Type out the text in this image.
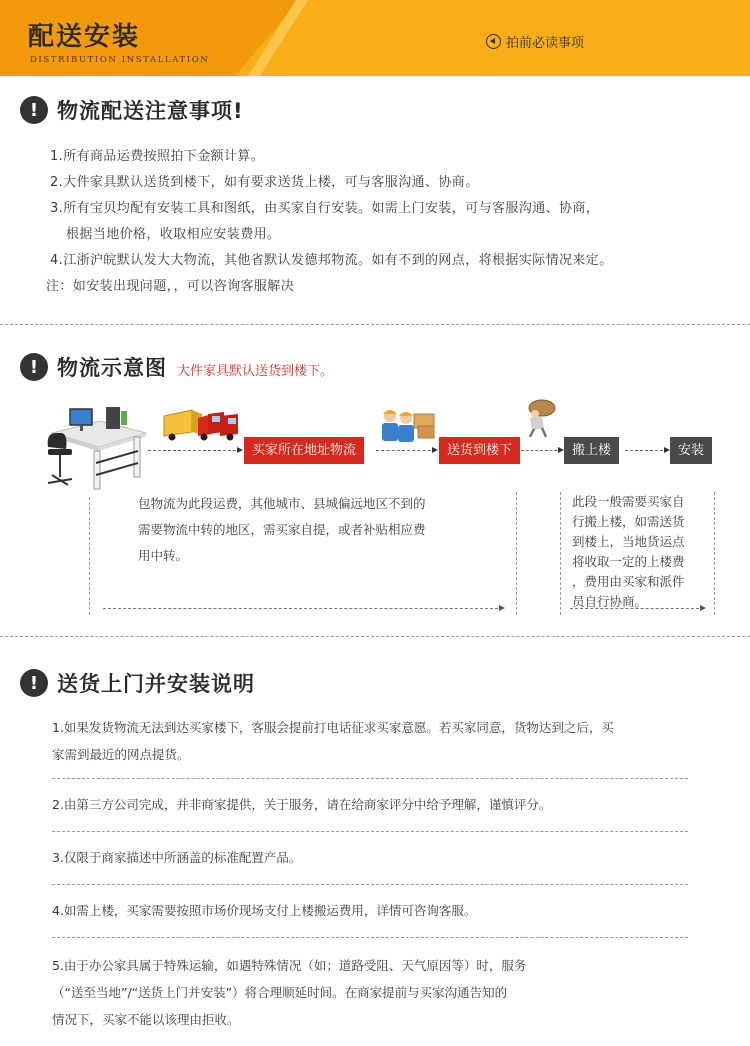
配送安装
DISTRIBUTION INSTALLATION
拍前必读事项
! 物流配送注意事项!
1.所有商品运费按照拍下金额计算。
2.大件家具默认送货到楼下，如有要求送货上楼，可与客服沟通、协商。
3.所有宝贝均配有安装工具和图纸，由买家自行安装。如需上门安装，可与客服沟通、协商，
根据当地价格，收取相应安装费用。
4.江浙沪皖默认发大大物流，其他省默认发德邦物流。如有不到的网点，将根据实际情况来定。
注：如安装出现问题，，可以咨询客服解决
! 物流示意图 大件家具默认送货到楼下。
买家所在地址物流	送货到楼下	搬上楼	安装
包物流为此段运费，其他城市、县城偏远地区不到的
需要物流中转的地区，需买家自提，或者补贴相应费
用中转。
此段一般需要买家自
行搬上楼，如需送货
到楼上，当地货运点
将收取一定的上楼费
，费用由买家和派件
员自行协商。
! 送货上门并安装说明
1.如果发货物流无法到达买家楼下，客服会提前打电话征求买家意愿。若买家同意，货物达到之后，买
家需到最近的网点提货。
2.由第三方公司完成，并非商家提供，关于服务，请在给商家评分中给予理解，谨慎评分。
3.仅限于商家描述中所涵盖的标准配置产品。
4.如需上楼，买家需要按照市场价现场支付上楼搬运费用，详情可咨询客服。
5.由于办公家具属于特殊运输，如遇特殊情况（如；道路受阻、天气原因等）时，服务
（“送至当地”/“送货上门并安装”）将合理顺延时间。在商家提前与买家沟通告知的
情况下，买家不能以该理由拒收。
